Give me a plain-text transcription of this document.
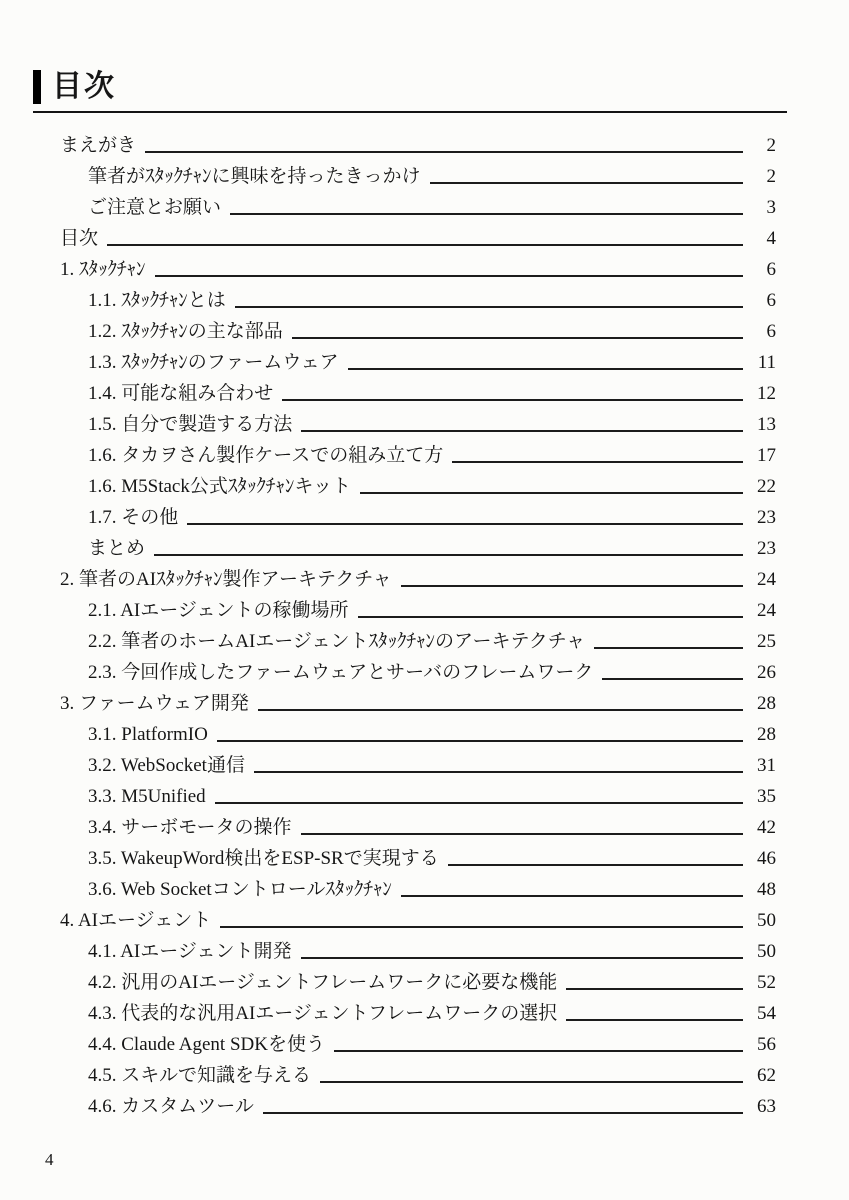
目次
まえがき	2
筆者がｽﾀｯｸﾁｬﾝに興味を持ったきっかけ	2
ご注意とお願い	3
目次	4
1. ｽﾀｯｸﾁｬﾝ	6
1.1. ｽﾀｯｸﾁｬﾝとは	6
1.2. ｽﾀｯｸﾁｬﾝの主な部品	6
1.3. ｽﾀｯｸﾁｬﾝのファームウェア	11
1.4. 可能な組み合わせ	12
1.5. 自分で製造する方法	13
1.6. タカヲさん製作ケースでの組み立て方	17
1.6. M5Stack公式ｽﾀｯｸﾁｬﾝキット	22
1.7. その他	23
まとめ	23
2. 筆者のAIｽﾀｯｸﾁｬﾝ製作アーキテクチャ	24
2.1. AIエージェントの稼働場所	24
2.2. 筆者のホームAIエージェントｽﾀｯｸﾁｬﾝのアーキテクチャ	25
2.3. 今回作成したファームウェアとサーバのフレームワーク	26
3. ファームウェア開発	28
3.1. PlatformIO	28
3.2. WebSocket通信	31
3.3. M5Unified	35
3.4. サーボモータの操作	42
3.5. WakeupWord検出をESP-SRで実現する	46
3.6. Web Socketコントロールｽﾀｯｸﾁｬﾝ	48
4. AIエージェント	50
4.1. AIエージェント開発	50
4.2. 汎用のAIエージェントフレームワークに必要な機能	52
4.3. 代表的な汎用AIエージェントフレームワークの選択	54
4.4. Claude Agent SDKを使う	56
4.5. スキルで知識を与える	62
4.6. カスタムツール	63
4
